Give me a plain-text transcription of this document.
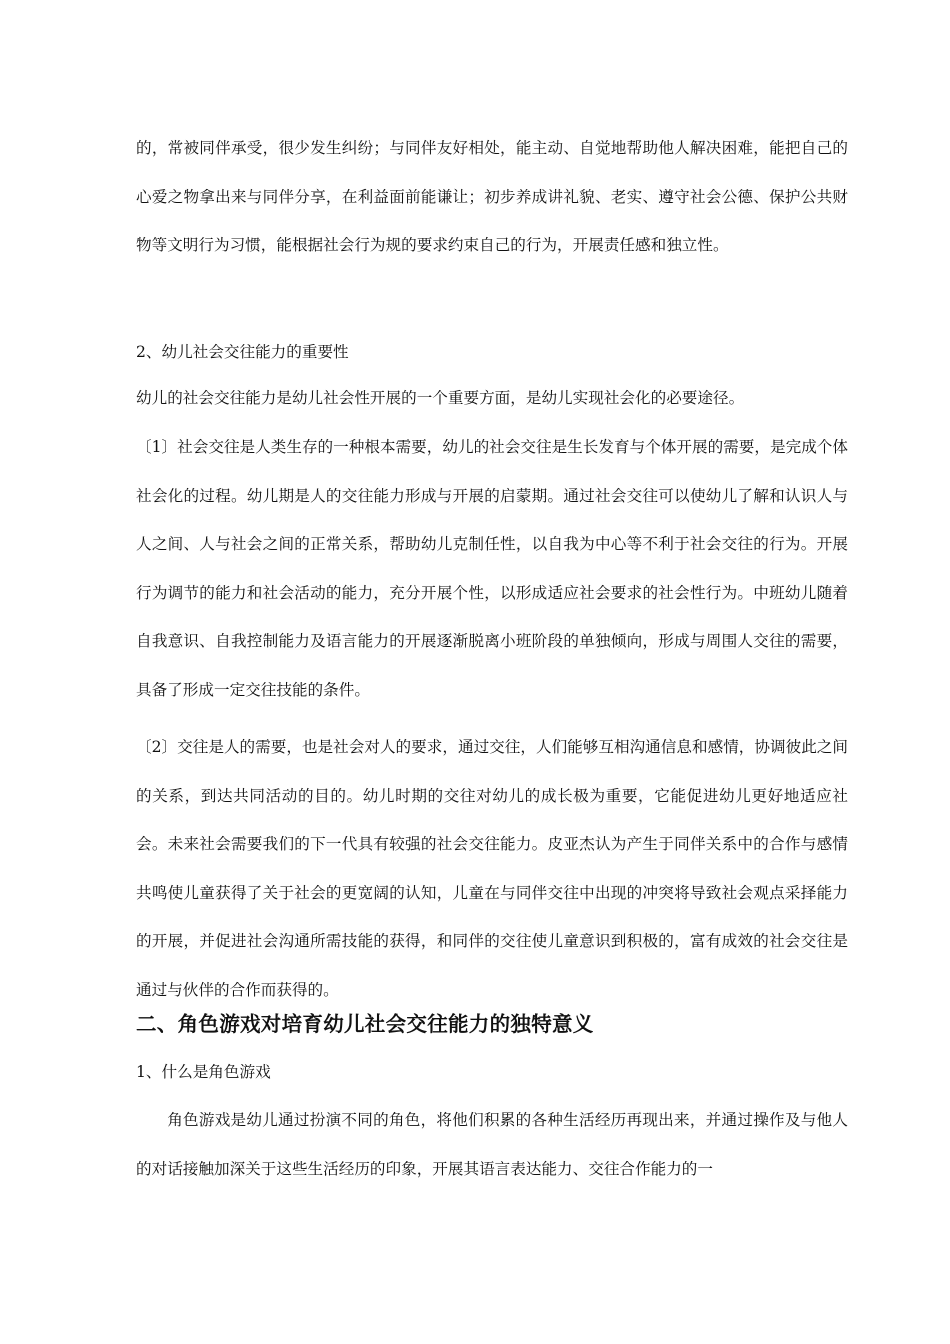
的，常被同伴承受，很少发生纠纷；与同伴友好相处，能主动、自觉地帮助他人解决困难，能把自己的心爱之物拿出来与同伴分享，在利益面前能谦让；初步养成讲礼貌、老实、遵守社会公德、保护公共财物等文明行为习惯，能根据社会行为规的要求约束自己的行为，开展责任感和独立性。

2、幼儿社会交往能力的重要性

幼儿的社会交往能力是幼儿社会性开展的一个重要方面，是幼儿实现社会化的必要途径。

〔1〕社会交往是人类生存的一种根本需要，幼儿的社会交往是生长发育与个体开展的需要，是完成个体社会化的过程。幼儿期是人的交往能力形成与开展的启蒙期。通过社会交往可以使幼儿了解和认识人与人之间、人与社会之间的正常关系，帮助幼儿克制任性，以自我为中心等不利于社会交往的行为。开展行为调节的能力和社会活动的能力，充分开展个性，以形成适应社会要求的社会性行为。中班幼儿随着自我意识、自我控制能力及语言能力的开展逐渐脱离小班阶段的单独倾向，形成与周围人交往的需要，具备了形成一定交往技能的条件。

〔2〕交往是人的需要，也是社会对人的要求，通过交往，人们能够互相沟通信息和感情，协调彼此之间的关系，到达共同活动的目的。幼儿时期的交往对幼儿的成长极为重要，它能促进幼儿更好地适应社会。未来社会需要我们的下一代具有较强的社会交往能力。皮亚杰认为产生于同伴关系中的合作与感情共鸣使儿童获得了关于社会的更宽阔的认知，儿童在与同伴交往中出现的冲突将导致社会观点采择能力的开展，并促进社会沟通所需技能的获得，和同伴的交往使儿童意识到积极的，富有成效的社会交往是通过与伙伴的合作而获得的。

二、角色游戏对培育幼儿社会交往能力的独特意义

1、什么是角色游戏

角色游戏是幼儿通过扮演不同的角色，将他们积累的各种生活经历再现出来，并通过操作及与他人的对话接触加深关于这些生活经历的印象，开展其语言表达能力、交往合作能力的一
